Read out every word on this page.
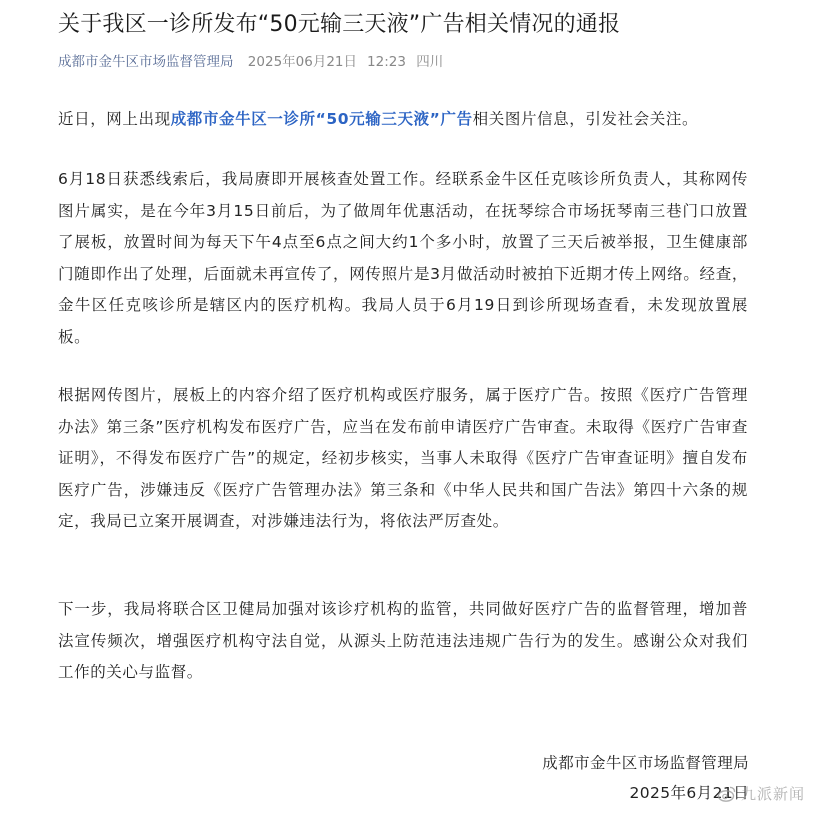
关于我区一诊所发布“50元输三天液”广告相关情况的通报
成都市金牛区市场监督管理局 2025年06月21日 12:23 四川

近日，网上出现成都市金牛区一诊所“50元输三天液”广告相关图片信息，引发社会关注。

6月18日获悉线索后，我局赓即开展核查处置工作。经联系金牛区任克咳诊所负责人，其称网传图片属实，是在今年3月15日前后，为了做周年优惠活动，在抚琴综合市场抚琴南三巷门口放置了展板，放置时间为每天下午4点至6点之间大约1个多小时，放置了三天后被举报，卫生健康部门随即作出了处理，后面就未再宣传了，网传照片是3月做活动时被拍下近期才传上网络。经查，金牛区任克咳诊所是辖区内的医疗机构。我局人员于6月19日到诊所现场查看，未发现放置展板。

根据网传图片，展板上的内容介绍了医疗机构或医疗服务，属于医疗广告。按照《医疗广告管理办法》第三条”医疗机构发布医疗广告，应当在发布前申请医疗广告审查。未取得《医疗广告审查证明》，不得发布医疗广告”的规定，经初步核实，当事人未取得《医疗广告审查证明》擅自发布医疗广告，涉嫌违反《医疗广告管理办法》第三条和《中华人民共和国广告法》第四十六条的规定，我局已立案开展调查，对涉嫌违法行为，将依法严厉查处。

下一步，我局将联合区卫健局加强对该诊疗机构的监管，共同做好医疗广告的监督管理，增加普法宣传频次，增强医疗机构守法自觉，从源头上防范违法违规广告行为的发生。感谢公众对我们工作的关心与监督。

成都市金牛区市场监督管理局
2025年6月21日
九派新闻
